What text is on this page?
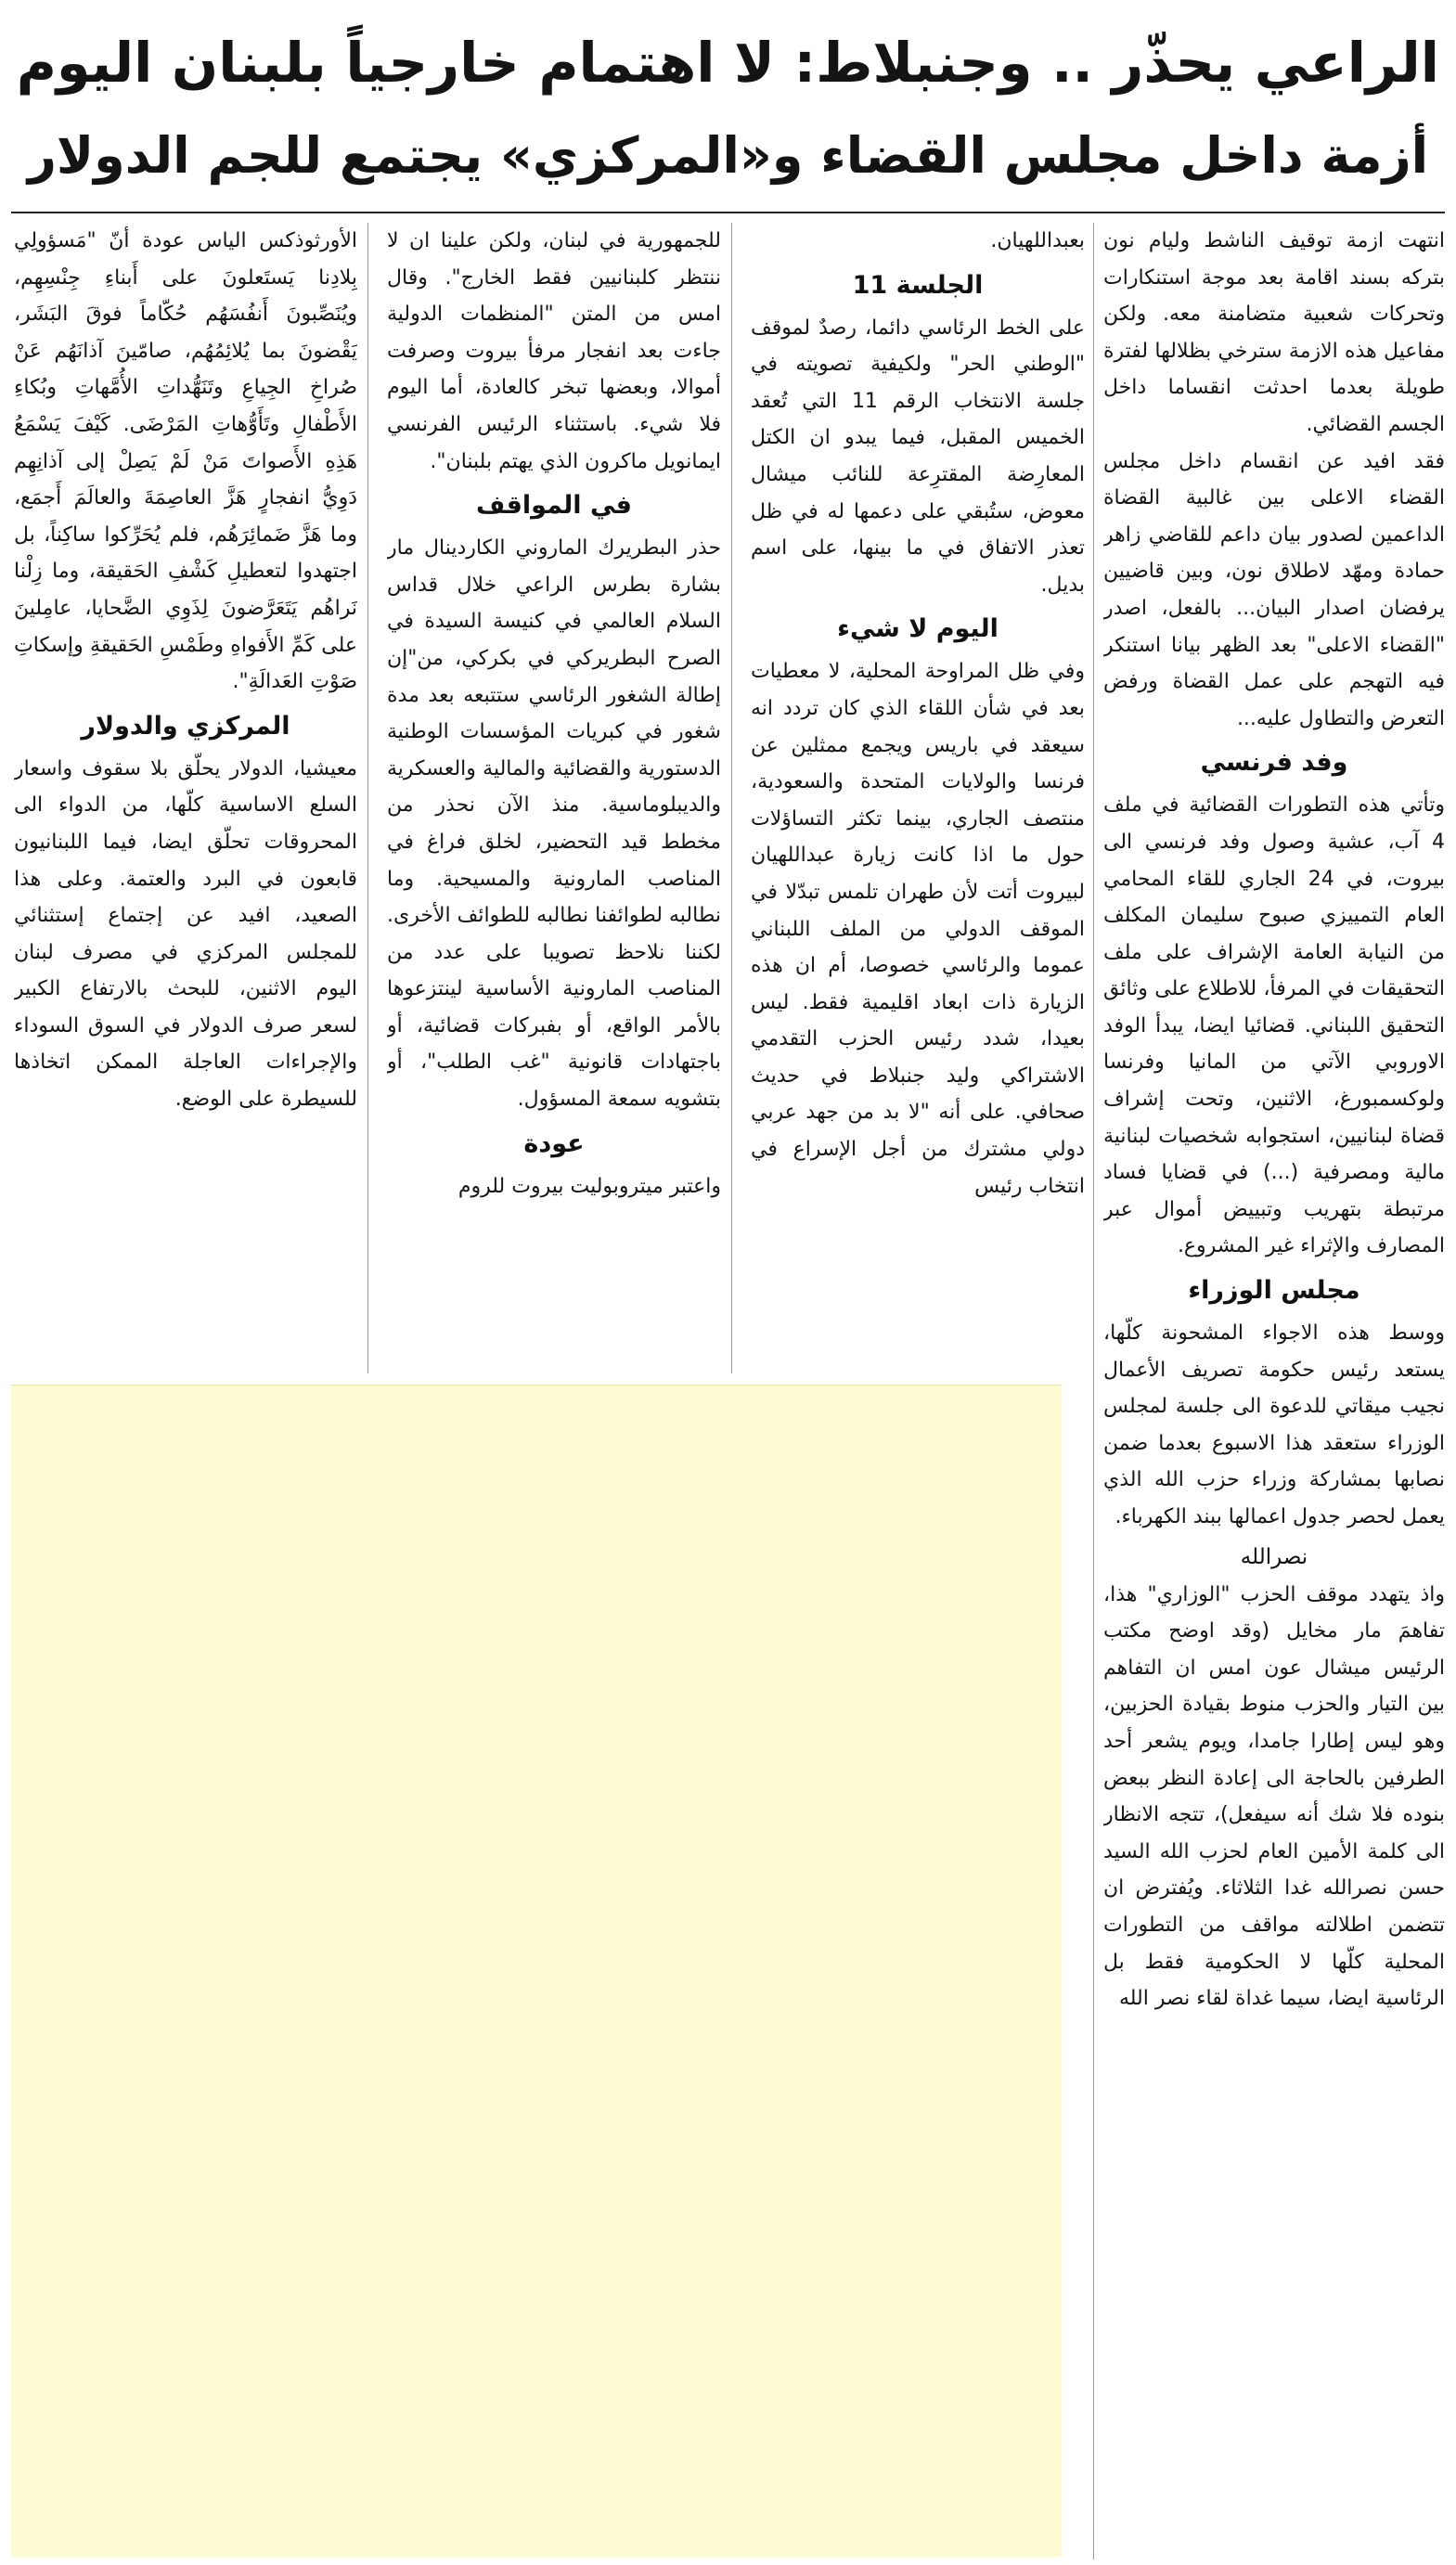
الراعي يحذّر .. وجنبلاط: لا اهتمام خارجياً بلبنان اليوم
أزمة داخل مجلس القضاء و«المركزي» يجتمع للجم الدولار

انتهت ازمة توقيف الناشط وليام نون بتركه بسند اقامة بعد موجة استنكارات وتحركات شعبية متضامنة معه. ولكن مفاعيل هذه الازمة سترخي بظلالها لفترة طويلة بعدما احدثت انقساما داخل الجسم القضائي.

فقد افيد عن انقسام داخل مجلس القضاء الاعلى بين غالبية القضاة الداعمين لصدور بيان داعم للقاضي زاهر حمادة ومهّد لاطلاق نون، وبين قاضيين يرفضان اصدار البيان... بالفعل، اصدر "القضاء الاعلى" بعد الظهر بيانا استنكر فيه التهجم على عمل القضاة ورفض التعرض والتطاول عليه...

وفد فرنسي

وتأتي هذه التطورات القضائية في ملف 4 آب، عشية وصول وفد فرنسي الى بيروت، في 24 الجاري للقاء المحامي العام التمييزي صبوح سليمان المكلف من النيابة العامة الإشراف على ملف التحقيقات في المرفأ، للاطلاع على وثائق التحقيق اللبناني. قضائيا ايضا، يبدأ الوفد الاوروبي الآتي من المانيا وفرنسا ولوكسمبورغ، الاثنين، وتحت إشراف قضاة لبنانيين، استجوابه شخصيات لبنانية مالية ومصرفية (...) في قضايا فساد مرتبطة بتهريب وتبييض أموال عبر المصارف والإثراء غير المشروع.

مجلس الوزراء

ووسط هذه الاجواء المشحونة كلّها، يستعد رئيس حكومة تصريف الأعمال نجيب ميقاتي للدعوة الى جلسة لمجلس الوزراء ستعقد هذا الاسبوع بعدما ضمن نصابها بمشاركة وزراء حزب الله الذي يعمل لحصر جدول اعمالها ببند الكهرباء.

نصرالله

واذ يتهدد موقف الحزب "الوزاري" هذا، تفاهمَ مار مخايل (وقد اوضح مكتب الرئيس ميشال عون امس ان التفاهم بين التيار والحزب منوط بقيادة الحزبين، وهو ليس إطارا جامدا، ويوم يشعر أحد الطرفين بالحاجة الى إعادة النظر ببعض بنوده فلا شك أنه سيفعل)، تتجه الانظار الى كلمة الأمين العام لحزب الله السيد حسن نصرالله غدا الثلاثاء. ويُفترض ان تتضمن اطلالته مواقف من التطورات المحلية كلّها لا الحكومية فقط بل الرئاسية ايضا، سيما غداة لقاء نصر الله

بعبداللهيان.

الجلسة 11

على الخط الرئاسي دائما، رصدٌ لموقف "الوطني الحر" ولكيفية تصويته في جلسة الانتخاب الرقم 11 التي تُعقد الخميس المقبل، فيما يبدو ان الكتل المعارِضة المقترِعة للنائب ميشال معوض، ستُبقي على دعمها له في ظل تعذر الاتفاق في ما بينها، على اسم بديل.

اليوم لا شيء

وفي ظل المراوحة المحلية، لا معطيات بعد في شأن اللقاء الذي كان تردد انه سيعقد في باريس ويجمع ممثلين عن فرنسا والولايات المتحدة والسعودية، منتصف الجاري، بينما تكثر التساؤلات حول ما اذا كانت زيارة عبداللهيان لبيروت أتت لأن طهران تلمس تبدّلا في الموقف الدولي من الملف اللبناني عموما والرئاسي خصوصا، أم ان هذه الزيارة ذات ابعاد اقليمية فقط. ليس بعيدا، شدد رئيس الحزب التقدمي الاشتراكي وليد جنبلاط في حديث صحافي. على أنه "لا بد من جهد عربي دولي مشترك من أجل الإسراع في انتخاب رئيس

للجمهورية في لبنان، ولكن علينا ان لا ننتظر كلبنانيين فقط الخارج". وقال امس من المتن "المنظمات الدولية جاءت بعد انفجار مرفأ بيروت وصرفت أموالا، وبعضها تبخر كالعادة، أما اليوم فلا شيء. باستثناء الرئيس الفرنسي ايمانويل ماكرون الذي يهتم بلبنان".

في المواقف

حذر البطريرك الماروني الكاردينال مار بشارة بطرس الراعي خلال قداس السلام العالمي في كنيسة السيدة في الصرح البطريركي في بكركي، من"إن إطالة الشغور الرئاسي ستتبعه بعد مدة شغور في كبريات المؤسسات الوطنية الدستورية والقضائية والمالية والعسكرية والديبلوماسية. منذ الآن نحذر من مخطط قيد التحضير، لخلق فراغ في المناصب المارونية والمسيحية. وما نطالبه لطوائفنا نطالبه للطوائف الأخرى. لكننا نلاحظ تصويبا على عدد من المناصب المارونية الأساسية لينتزعوها بالأمر الواقع، أو بفبركات قضائية، أو باجتهادات قانونية "غب الطلب"، أو بتشويه سمعة المسؤول.

عودة

واعتبر ميتروبوليت بيروت للروم

الأورثوذكس الياس عودة أنّ "مَسؤولِي بِلادِنا يَستَعلونَ على أَبناءِ جِنْسِهِم، ويُنَصِّبونَ أَنفُسَهُم حُكّاماً فوقَ البَشَر، يَقْضونَ بما يُلائِمُهُم، صامّينَ آذانَهُم عَنْ صُراخِ الجِياعِ وتَنَهُّداتِ الأُمَّهاتِ وبُكاءِ الأَطْفالِ وتَأَوُّهاتِ المَرْضَى. كَيْفَ يَسْمَعُ هَذِهِ الأَصواتَ مَنْ لَمْ يَصِلْ إلى آذانِهِم دَوِيُّ انفجارٍ هَزَّ العاصِمَةَ والعالَمَ أَجمَع، وما هَزَّ ضَمائِرَهُم، فلم يُحَرِّكوا ساكِناً، بل اجتهدوا لتعطيلِ كَشْفِ الحَقيقة، وما زِلْنا نَراهُم يَتَعَرَّضونَ لِذَوِي الضَّحايا، عامِلينَ على كَمِّ الأَفواهِ وطَمْسِ الحَقيقةِ وإسكاتِ صَوْتِ العَدالَةِ".

المركزي والدولار

معيشيا، الدولار يحلّق بلا سقوف واسعار السلع الاساسية كلّها، من الدواء الى المحروقات تحلّق ايضا، فيما اللبنانيون قابعون في البرد والعتمة. وعلى هذا الصعيد، افيد عن إجتماع إستثنائي للمجلس المركزي في مصرف لبنان اليوم الاثنين، للبحث بالارتفاع الكبير لسعر صرف الدولار في السوق السوداء والإجراءات العاجلة الممكن اتخاذها للسيطرة على الوضع.
